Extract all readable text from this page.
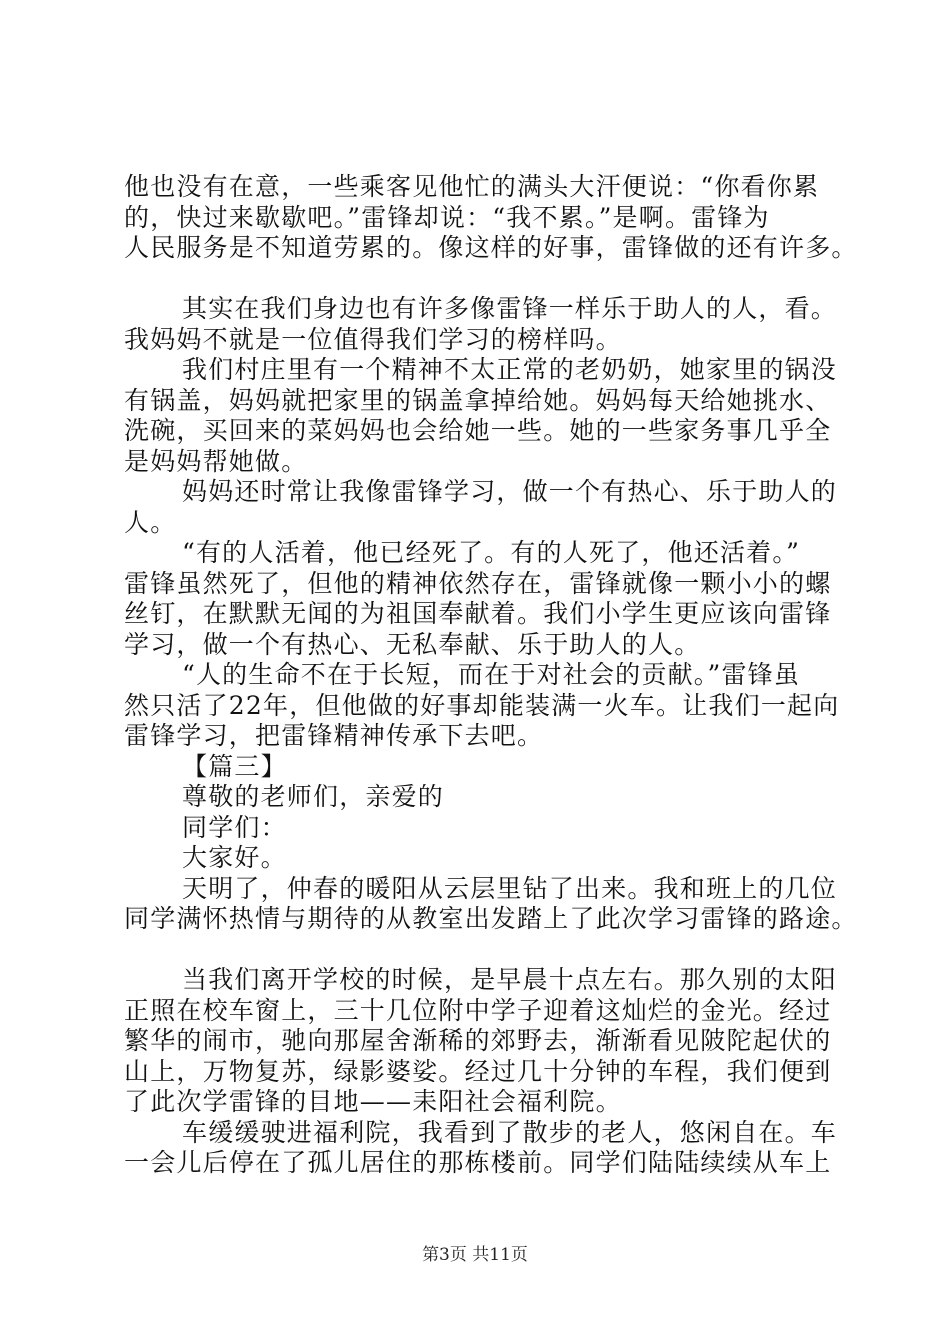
他也没有在意，一些乘客见他忙的满头大汗便说：“你看你累
的，快过来歇歇吧。”雷锋却说：“我不累。”是啊。雷锋为
人民服务是不知道劳累的。像这样的好事，雷锋做的还有许多。
其实在我们身边也有许多像雷锋一样乐于助人的人，看。
我妈妈不就是一位值得我们学习的榜样吗。
我们村庄里有一个精神不太正常的老奶奶，她家里的锅没
有锅盖，妈妈就把家里的锅盖拿掉给她。妈妈每天给她挑水、
洗碗，买回来的菜妈妈也会给她一些。她的一些家务事几乎全
是妈妈帮她做。
妈妈还时常让我像雷锋学习，做一个有热心、乐于助人的
人。
“有的人活着，他已经死了。有的人死了，他还活着。”
雷锋虽然死了，但他的精神依然存在，雷锋就像一颗小小的螺
丝钉，在默默无闻的为祖国奉献着。我们小学生更应该向雷锋
学习，做一个有热心、无私奉献、乐于助人的人。
“人的生命不在于长短，而在于对社会的贡献。”雷锋虽
然只活了22年，但他做的好事却能装满一火车。让我们一起向
雷锋学习，把雷锋精神传承下去吧。
【篇三】
尊敬的老师们，亲爱的
同学们：
大家好。
天明了，仲春的暖阳从云层里钻了出来。我和班上的几位
同学满怀热情与期待的从教室出发踏上了此次学习雷锋的路途。
当我们离开学校的时候，是早晨十点左右。那久别的太阳
正照在校车窗上，三十几位附中学子迎着这灿烂的金光。经过
繁华的闹市，驰向那屋舍渐稀的郊野去，渐渐看见陂陀起伏的
山上，万物复苏，绿影婆娑。经过几十分钟的车程，我们便到
了此次学雷锋的目地——耒阳社会福利院。
车缓缓驶进福利院，我看到了散步的老人，悠闲自在。车
一会儿后停在了孤儿居住的那栋楼前。同学们陆陆续续从车上
第3页 共11页
